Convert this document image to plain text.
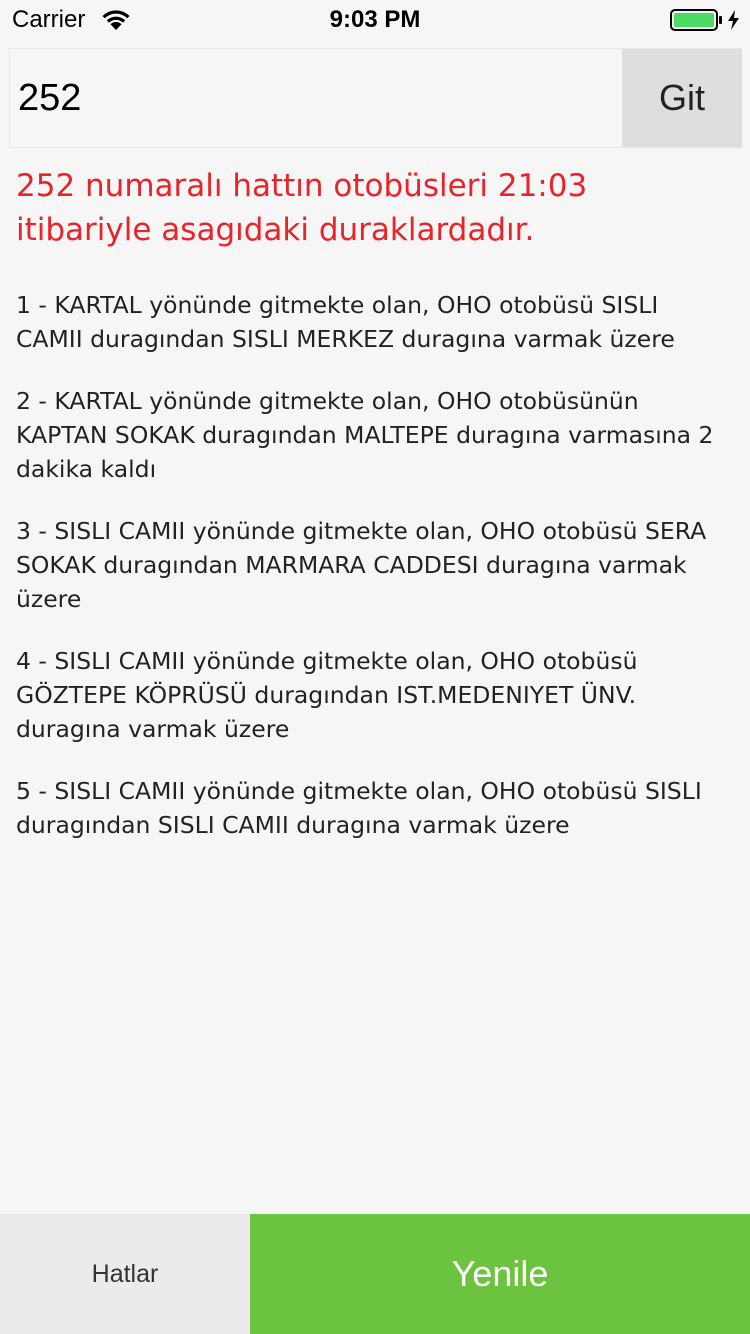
Carrier	9:03 PM
252
Git

252 numaralı hattın otobüsleri 21:03 itibariyle asagıdaki duraklardadır.

1 - KARTAL yönünde gitmekte olan, OHO otobüsü SISLI CAMII duragından SISLI MERKEZ duragına varmak üzere
2 - KARTAL yönünde gitmekte olan, OHO otobüsünün KAPTAN SOKAK duragından MALTEPE duragına varmasına 2 dakika kaldı
3 - SISLI CAMII yönünde gitmekte olan, OHO otobüsü SERA SOKAK duragından MARMARA CADDESI duragına varmak üzere
4 - SISLI CAMII yönünde gitmekte olan, OHO otobüsü GÖZTEPE KÖPRÜSÜ duragından IST.MEDENIYET ÜNV. duragına varmak üzere
5 - SISLI CAMII yönünde gitmekte olan, OHO otobüsü SISLI duragından SISLI CAMII duragına varmak üzere
Hatlar	Yenile
